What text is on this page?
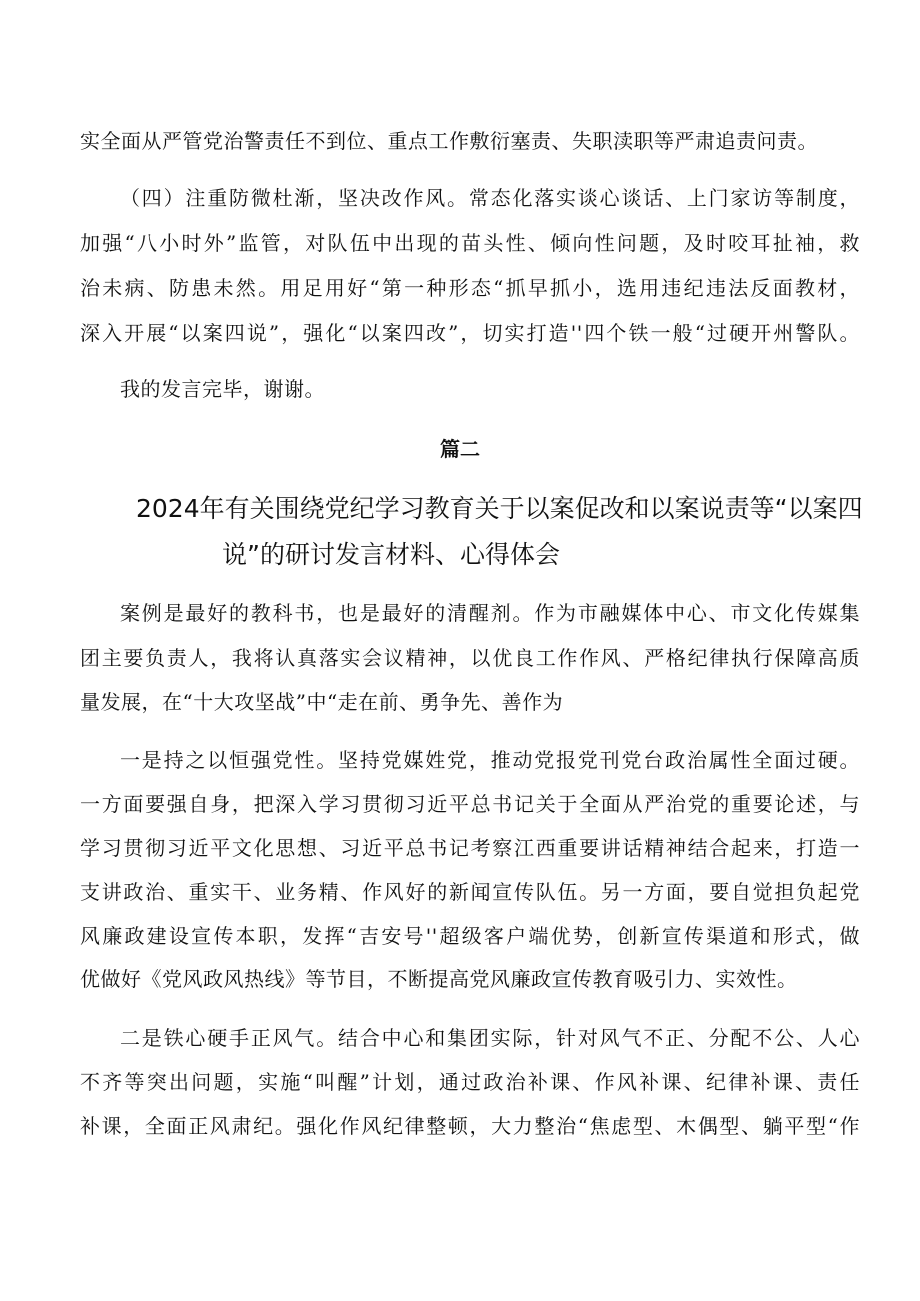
实全面从严管党治警责任不到位、重点工作敷衍塞责、失职渎职等严肃追责问责。
（四）注重防微杜渐，坚决改作风。常态化落实谈心谈话、上门家访等制度，
加强“八小时外”监管，对队伍中出现的苗头性、倾向性问题，及时咬耳扯袖，救
治未病、防患未然。用足用好“第一种形态“抓早抓小，选用违纪违法反面教材，
深入开展“以案四说”，强化“以案四改”，切实打造''四个铁一般“过硬开州警队。
我的发言完毕，谢谢。
篇二
2024年有关围绕党纪学习教育关于以案促改和以案说责等“以案四
说”的研讨发言材料、心得体会
案例是最好的教科书，也是最好的清醒剂。作为市融媒体中心、市文化传媒集
团主要负责人，我将认真落实会议精神，以优良工作作风、严格纪律执行保障高质
量发展，在“十大攻坚战”中“走在前、勇争先、善作为
一是持之以恒强党性。坚持党媒姓党，推动党报党刊党台政治属性全面过硬。
一方面要强自身，把深入学习贯彻习近平总书记关于全面从严治党的重要论述，与
学习贯彻习近平文化思想、习近平总书记考察江西重要讲话精神结合起来，打造一
支讲政治、重实干、业务精、作风好的新闻宣传队伍。另一方面，要自觉担负起党
风廉政建设宣传本职，发挥“吉安号''超级客户端优势，创新宣传渠道和形式，做
优做好《党风政风热线》等节目，不断提高党风廉政宣传教育吸引力、实效性。
二是铁心硬手正风气。结合中心和集团实际，针对风气不正、分配不公、人心
不齐等突出问题，实施“叫醒”计划，通过政治补课、作风补课、纪律补课、责任
补课，全面正风肃纪。强化作风纪律整顿，大力整治“焦虑型、木偶型、躺平型“作
